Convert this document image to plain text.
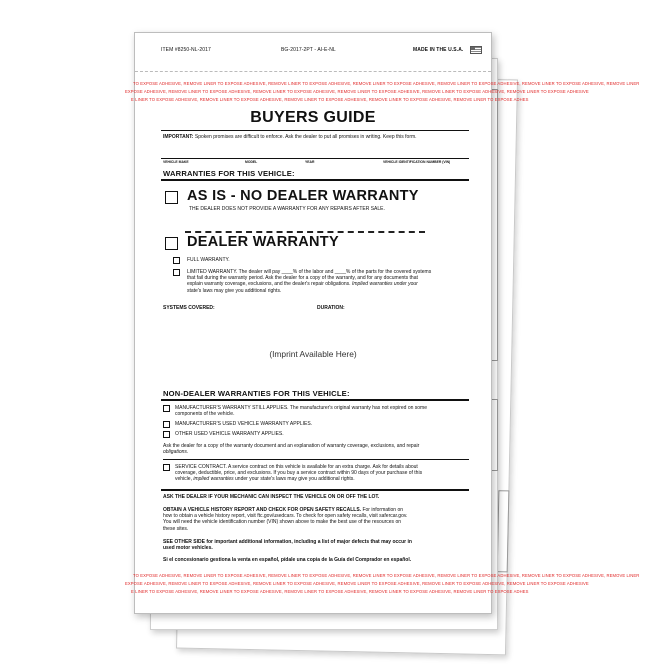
ITEM #8250-NL-2017	BG-2017-2PT - AI-E-NL	MADE IN THE U.S.A.
TO EXPOSE ADHESIVE, REMOVE LINER TO EXPOSE ADHESIVE, REMOVE LINER TO EXPOSE ADHESIVE, REMOVE LINER TO EXPOSE ADHESIVE, REMOVE LINER TO EXPOSE ADHESIVE, REMOVE LINER TO EXPOSE ADHESIVE, REMOVE LINER
EXPOSE ADHESIVE, REMOVE LINER TO EXPOSE ADHESIVE, REMOVE LINER TO EXPOSE ADHESIVE, REMOVE LINER TO EXPOSE ADHESIVE, REMOVE LINER TO EXPOSE ADHESIVE, REMOVE LINER TO EXPOSE ADHESIVE
E LINER TO EXPOSE ADHESIVE, REMOVE LINER TO EXPOSE ADHESIVE, REMOVE LINER TO EXPOSE ADHESIVE, REMOVE LINER TO EXPOSE ADHESIVE, REMOVE LINER TO EXPOSE ADHES
BUYERS GUIDE
IMPORTANT: Spoken promises are difficult to enforce. Ask the dealer to put all promises in writing. Keep this form.
VEHICLE MAKE	MODEL	YEAR	VEHICLE IDENTIFICATION NUMBER (VIN)
WARRANTIES FOR THIS VEHICLE:
AS IS - NO DEALER WARRANTY
THE DEALER DOES NOT PROVIDE A WARRANTY FOR ANY REPAIRS AFTER SALE.
DEALER WARRANTY
FULL WARRANTY.
LIMITED WARRANTY. The dealer will pay ____% of the labor and ____% of the parts for the covered systems
that fail during the warranty period. Ask the dealer for a copy of the warranty, and for any documents that
explain warranty coverage, exclusions, and the dealer's repair obligations. Implied warranties under your
state's laws may give you additional rights.
SYSTEMS COVERED:	DURATION:
(Imprint Available Here)
NON-DEALER WARRANTIES FOR THIS VEHICLE:
MANUFACTURER'S WARRANTY STILL APPLIES. The manufacturer's original warranty has not expired on some
components of the vehicle.
MANUFACTURER'S USED VEHICLE WARRANTY APPLIES.
OTHER USED VEHICLE WARRANTY APPLIES.
Ask the dealer for a copy of the warranty document and an explanation of warranty coverage, exclusions, and repair
obligations.
SERVICE CONTRACT. A service contract on this vehicle is available for an extra charge. Ask for details about
coverage, deductible, price, and exclusions. If you buy a service contract within 90 days of your purchase of this
vehicle, implied warranties under your state's laws may give you additional rights.
ASK THE DEALER IF YOUR MECHANIC CAN INSPECT THE VEHICLE ON OR OFF THE LOT.
OBTAIN A VEHICLE HISTORY REPORT AND CHECK FOR OPEN SAFETY RECALLS. For information on
how to obtain a vehicle history report, visit ftc.gov/usedcars. To check for open safety recalls, visit safercar.gov.
You will need the vehicle identification number (VIN) shown above to make the best use of the resources on
these sites.
SEE OTHER SIDE for important additional information, including a list of major defects that may occur in
used motor vehicles.
Si el concesionario gestiona la venta en español, pídale una copia de la Guía del Comprador en español.
TO EXPOSE ADHESIVE, REMOVE LINER TO EXPOSE ADHESIVE, REMOVE LINER TO EXPOSE ADHESIVE, REMOVE LINER TO EXPOSE ADHESIVE, REMOVE LINER TO EXPOSE ADHESIVE, REMOVE LINER TO EXPOSE ADHESIVE, REMOVE LINER
EXPOSE ADHESIVE, REMOVE LINER TO EXPOSE ADHESIVE, REMOVE LINER TO EXPOSE ADHESIVE, REMOVE LINER TO EXPOSE ADHESIVE, REMOVE LINER TO EXPOSE ADHESIVE, REMOVE LINER TO EXPOSE ADHESIVE
E LINER TO EXPOSE ADHESIVE, REMOVE LINER TO EXPOSE ADHESIVE, REMOVE LINER TO EXPOSE ADHESIVE, REMOVE LINER TO EXPOSE ADHESIVE, REMOVE LINER TO EXPOSE ADHES
